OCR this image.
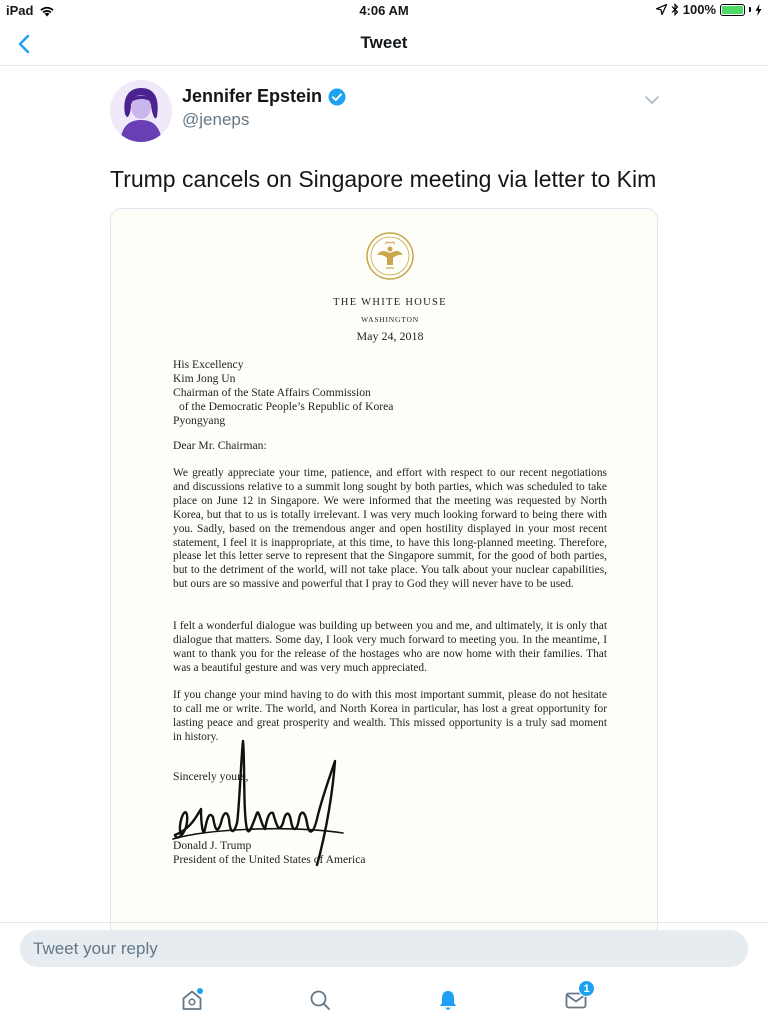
iPad	4:06 AM	100%
Tweet
Jennifer Epstein
@jeneps
Trump cancels on Singapore meeting via letter to Kim
THE WHITE HOUSE
WASHINGTON
May 24, 2018
His Excellency
Kim Jong Un
Chairman of the State Affairs Commission
of the Democratic People’s Republic of Korea
Pyongyang
Dear Mr. Chairman:
We greatly appreciate your time, patience, and effort with respect to our recent negotiations and discussions relative to a summit long sought by both parties, which was scheduled to take place on June 12 in Singapore. We were informed that the meeting was requested by North Korea, but that to us is totally irrelevant. I was very much looking forward to being there with you. Sadly, based on the tremendous anger and open hostility displayed in your most recent statement, I feel it is inappropriate, at this time, to have this long-planned meeting. Therefore, please let this letter serve to represent that the Singapore summit, for the good of both parties, but to the detriment of the world, will not take place. You talk about your nuclear capabilities, but ours are so massive and powerful that I pray to God they will never have to be used.
I felt a wonderful dialogue was building up between you and me, and ultimately, it is only that dialogue that matters. Some day, I look very much forward to meeting you. In the meantime, I want to thank you for the release of the hostages who are now home with their families. That was a beautiful gesture and was very much appreciated.
If you change your mind having to do with this most important summit, please do not hesitate to call me or write. The world, and North Korea in particular, has lost a great opportunity for lasting peace and great prosperity and wealth. This missed opportunity is a truly sad moment in history.
Sincerely yours,
Donald J. Trump
President of the United States of America
Tweet your reply
1
